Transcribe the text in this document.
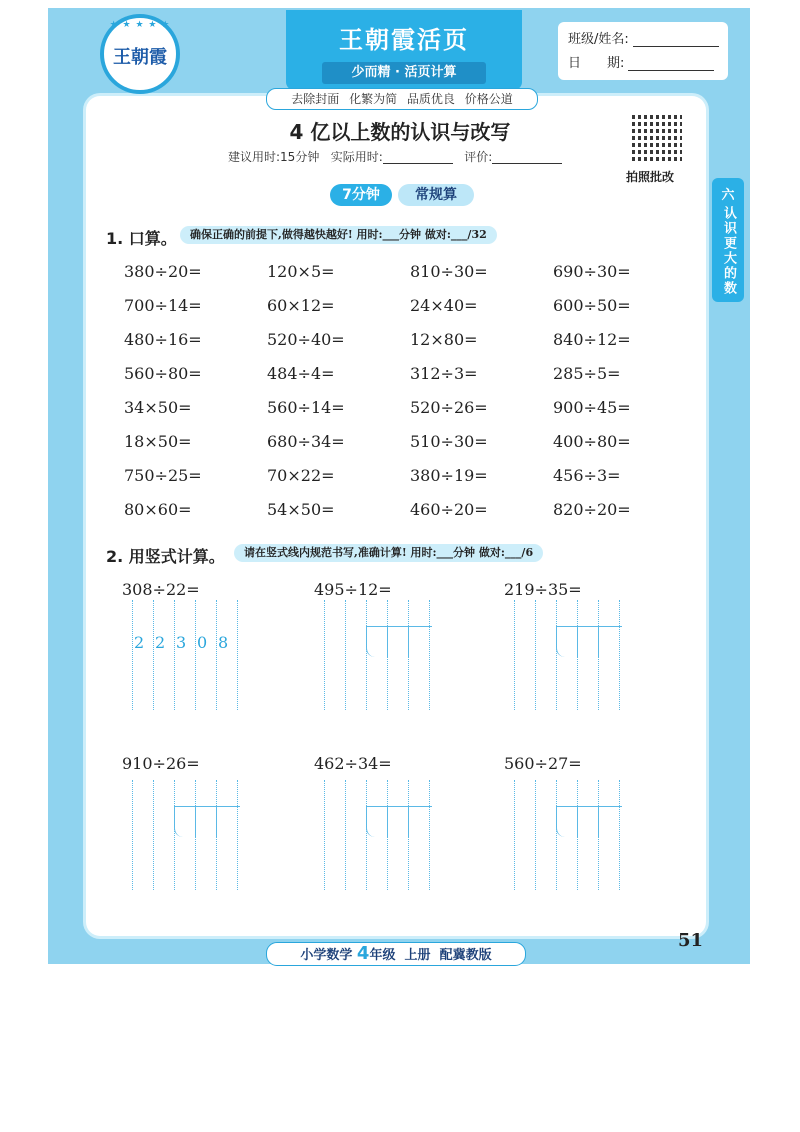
★ ★ ★ ★ ★
王朝霞
王朝霞活页
少而精 · 活页计算
班级/姓名:
日　　期:
去除封面 化繁为简 品质优良 价格公道
4 亿以上数的认识与改写
建议用时:15分钟 实际用时:	评价:
拍照批改
六
认识更大的数
7分钟	常规算
1. 口算。	确保正确的前提下,做得越快越好! 用时:___分钟 做对:___/32
380÷20=	120×5=	810÷30=	690÷30=
700÷14=	60×12=	24×40=	600÷50=
480÷16=	520÷40=	12×80=	840÷12=
560÷80=	484÷4=	312÷3=	285÷5=
34×50=	560÷14=	520÷26=	900÷45=
18×50=	680÷34=	510÷30=	400÷80=
750÷25=	70×22=	380÷19=	456÷3=
80×60=	54×50=	460÷20=	820÷20=
2. 用竖式计算。	请在竖式线内规范书写,准确计算! 用时:___分钟 做对:___/6
308÷22=	495÷12=	219÷35=
910÷26=	462÷34=	560÷27=
2 2 3 0 8
51
小学数学 4年级 上册 配冀教版
